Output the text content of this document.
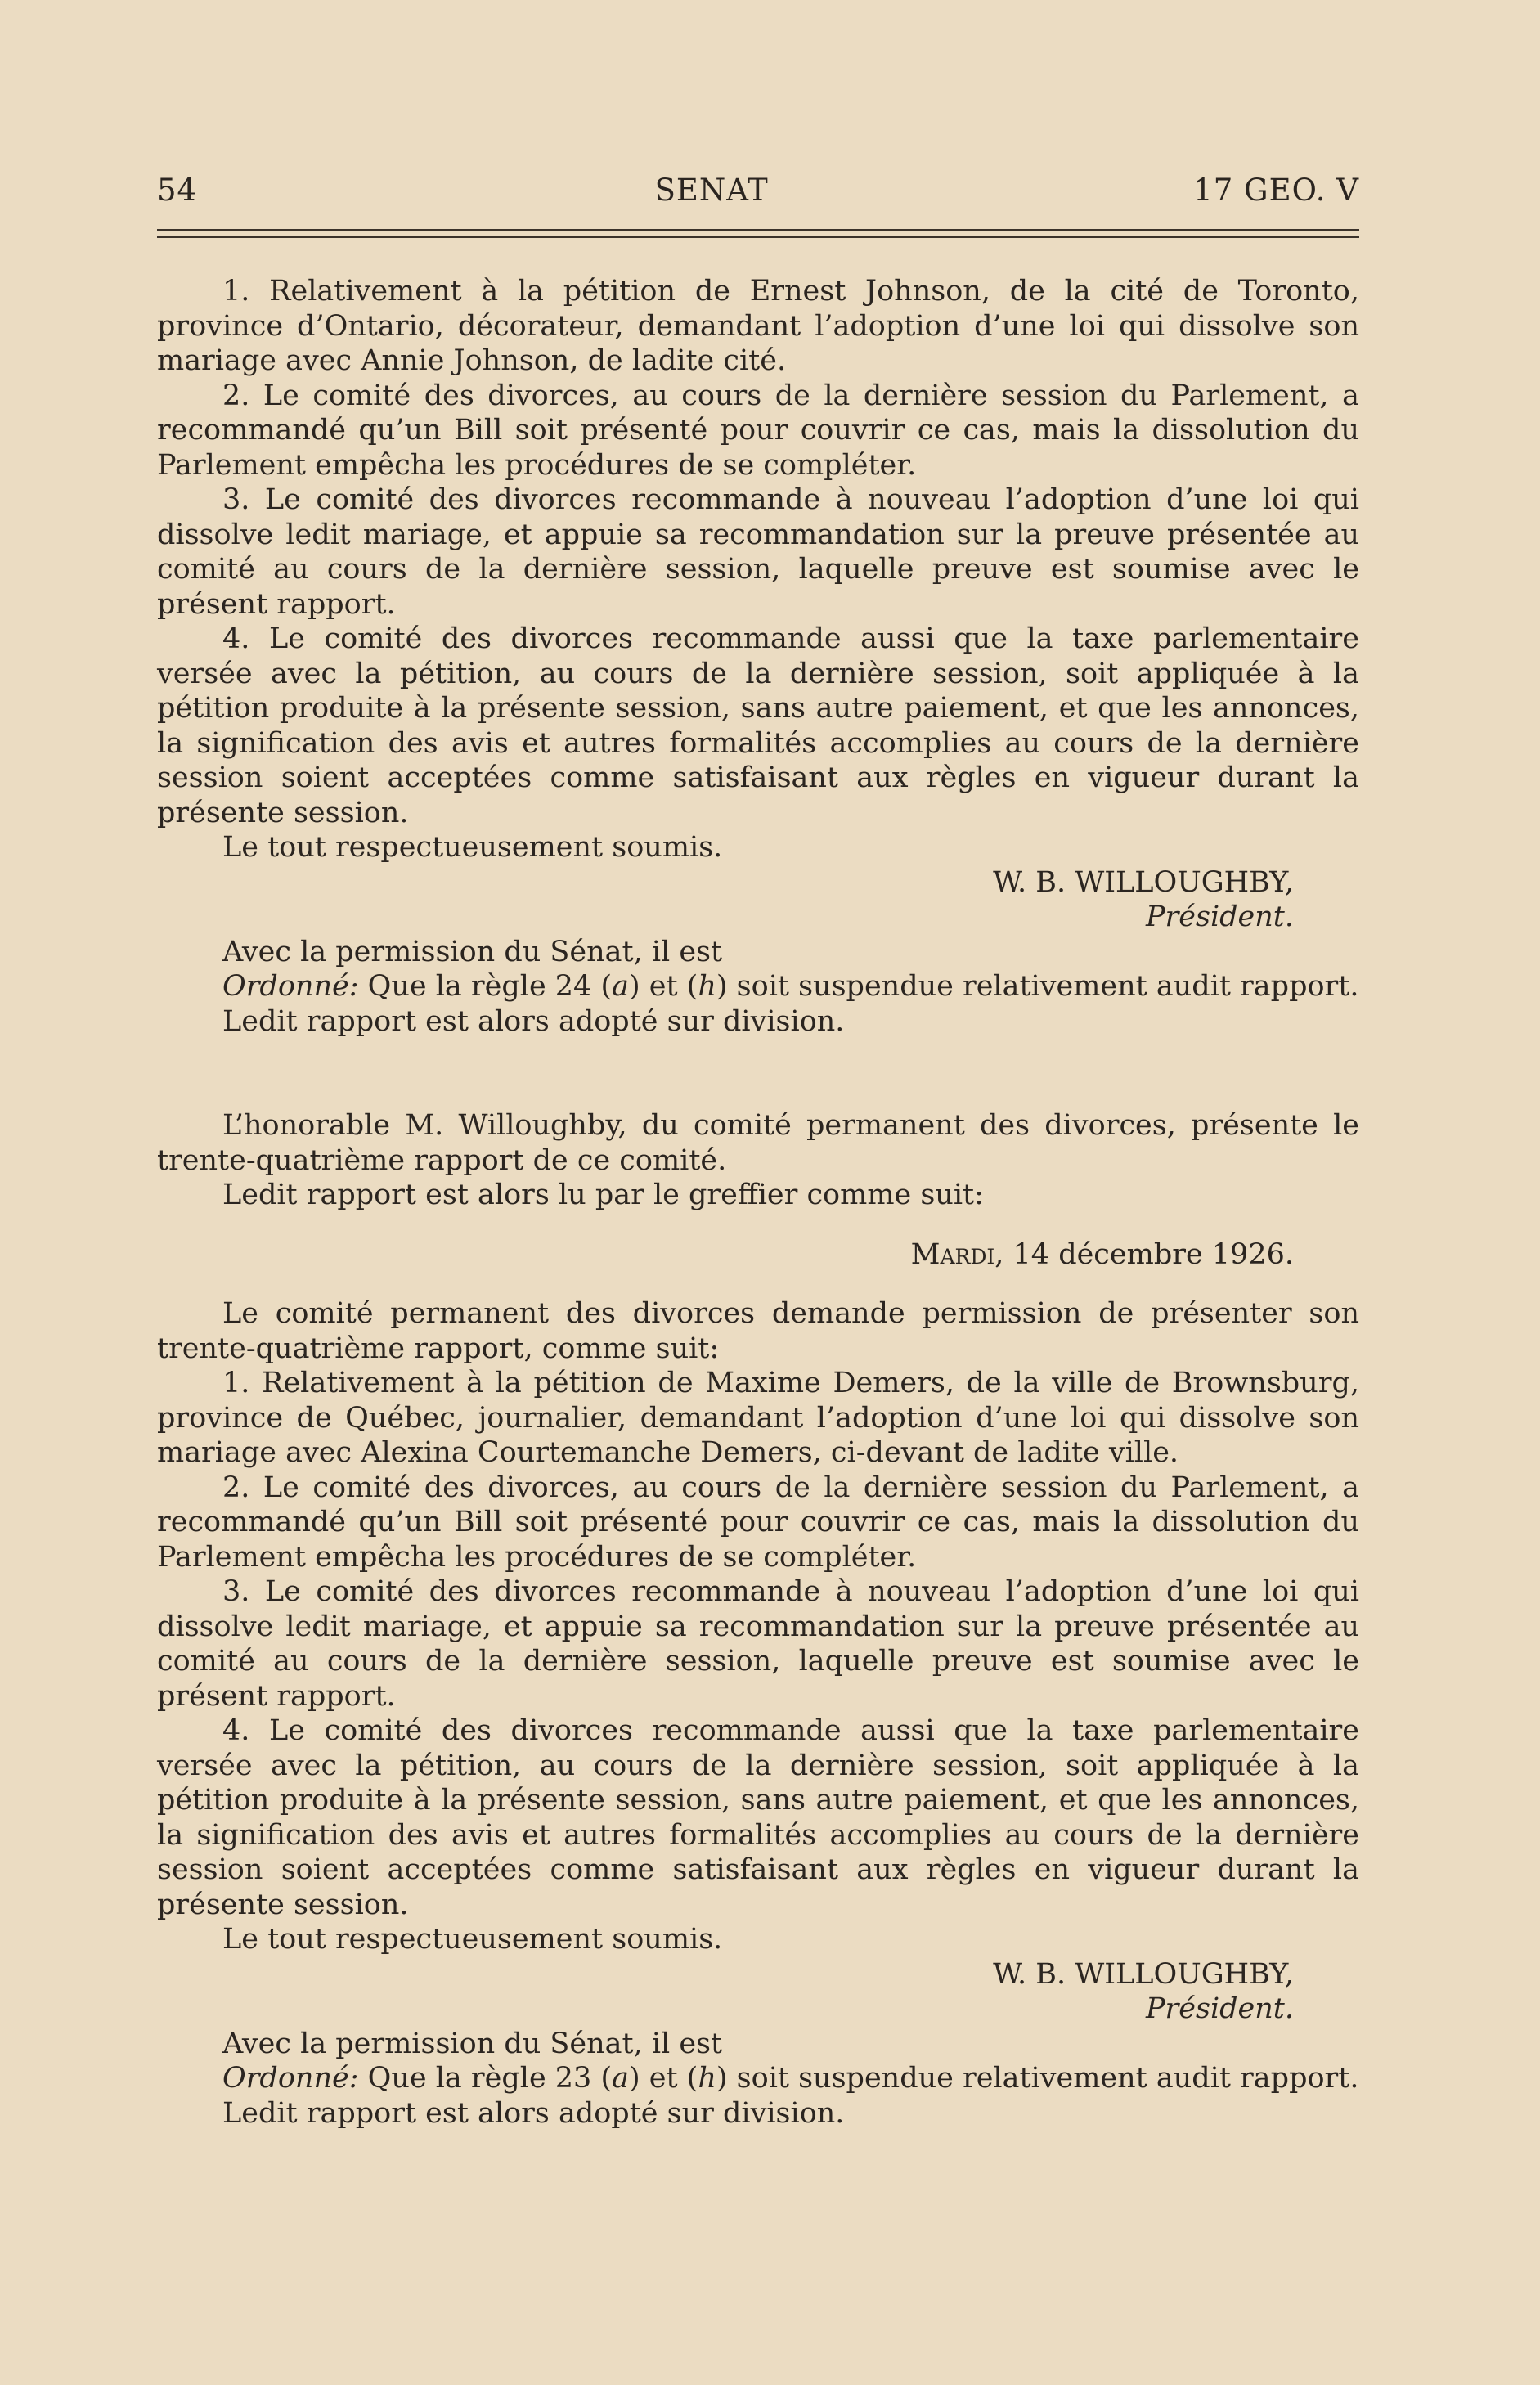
54	SENAT	17 GEO. V

1. Relativement à la pétition de Ernest Johnson, de la cité de Toronto, province d’Ontario, décorateur, demandant l’adoption d’une loi qui dissolve son mariage avec Annie Johnson, de ladite cité.

2. Le comité des divorces, au cours de la dernière session du Parlement, a recommandé qu’un Bill soit présenté pour couvrir ce cas, mais la dissolution du Parlement empêcha les procédures de se compléter.

3. Le comité des divorces recommande à nouveau l’adoption d’une loi qui dissolve ledit mariage, et appuie sa recommandation sur la preuve présentée au comité au cours de la dernière session, laquelle preuve est soumise avec le présent rapport.

4. Le comité des divorces recommande aussi que la taxe parlementaire versée avec la pétition, au cours de la dernière session, soit appliquée à la pétition produite à la présente session, sans autre paiement, et que les annonces, la signification des avis et autres formalités accomplies au cours de la dernière session soient acceptées comme satisfaisant aux règles en vigueur durant la présente session.

Le tout respectueusement soumis.

W. B. WILLOUGHBY,

Président.

Avec la permission du Sénat, il est

Ordonné: Que la règle 24 (a) et (h) soit suspendue relativement audit rapport.

Ledit rapport est alors adopté sur division.

L’honorable M. Willoughby, du comité permanent des divorces, présente le trente-quatrième rapport de ce comité.

Ledit rapport est alors lu par le greffier comme suit:

Mardi, 14 décembre 1926.

Le comité permanent des divorces demande permission de présenter son trente-quatrième rapport, comme suit:

1. Relativement à la pétition de Maxime Demers, de la ville de Brownsburg, province de Québec, journalier, demandant l’adoption d’une loi qui dissolve son mariage avec Alexina Courtemanche Demers, ci-devant de ladite ville.

2. Le comité des divorces, au cours de la dernière session du Parlement, a recommandé qu’un Bill soit présenté pour couvrir ce cas, mais la dissolution du Parlement empêcha les procédures de se compléter.

3. Le comité des divorces recommande à nouveau l’adoption d’une loi qui dissolve ledit mariage, et appuie sa recommandation sur la preuve présentée au comité au cours de la dernière session, laquelle preuve est soumise avec le présent rapport.

4. Le comité des divorces recommande aussi que la taxe parlementaire versée avec la pétition, au cours de la dernière session, soit appliquée à la pétition produite à la présente session, sans autre paiement, et que les annonces, la signification des avis et autres formalités accomplies au cours de la dernière session soient acceptées comme satisfaisant aux règles en vigueur durant la présente session.

Le tout respectueusement soumis.

W. B. WILLOUGHBY,

Président.

Avec la permission du Sénat, il est

Ordonné: Que la règle 23 (a) et (h) soit suspendue relativement audit rapport.

Ledit rapport est alors adopté sur division.
